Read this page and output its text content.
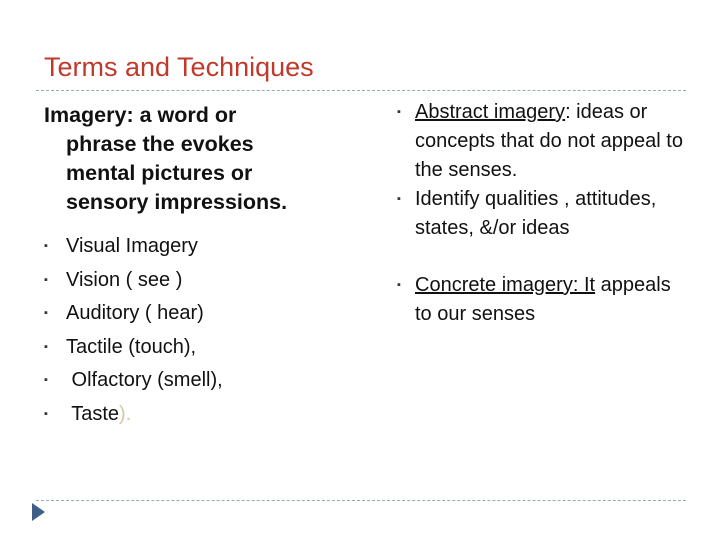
Terms and Techniques
Imagery: a word or
phrase the evokes
mental pictures or
sensory impressions.
▪ Visual Imagery
▪ Vision ( see )
▪ Auditory ( hear)
▪ Tactile (touch),
▪ Olfactory (smell),
▪ Taste).
▪ Abstract imagery: ideas or concepts that do not appeal to the senses.
▪ Identify qualities , attitudes, states, &/or ideas
▪ Concrete imagery: It appeals to our senses
